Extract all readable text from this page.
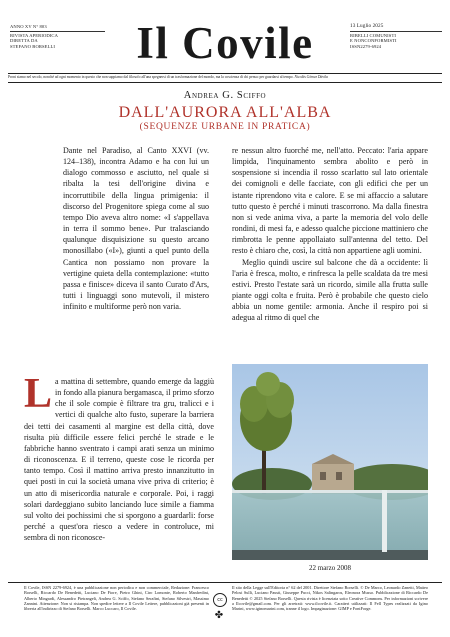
ANNO XV N° 803
RIVISTA APERIODICA
DIRETTA DA
STEFANO BORSELLI	Il Covile	13 Luglio 2025
RIBELLI COMUNISTI
E NONCONFORMISTI
ISSN2279-6924
Proni siamo nel secolo, nonché ad ogni momento in questo che non sappiamo dal filosofo all'una spegnersi di un trasformazione del mondo, ma la coscienza di chi pensa: per guardarsi al tempo. Nicolás Gómez Dávila
Andrea G. Sciffo
DALL'AURORA ALL'ALBA
(SEQUENZE URBANE IN PRATICA)

Dante nel Paradiso, al Canto XXVI (vv. 124–138), incontra Adamo e ha con lui un dialogo commosso e asciutto, nel quale si ribalta la tesi dell'origine divina e incorruttibile della lingua primigenia: il discorso del Progenitore spiega come al suo tempo Dio aveva altro nome: «I s'appellava in terra il sommo bene». Pur tralasciando qualunque disquisizione su questo arcano monosillabo («I»), giunti a quel punto della Cantica non possiamo non provare la vertigine quieta della contemplazione: «tutto passa e finisce» diceva il santo Curato d'Ars, tutti i linguaggi sono mutevoli, il mistero infinito e multiforme però non varia.

L a mattina di settembre, quando emerge da laggiù in fondo alla pianura bergamasca, il primo sforzo che il sole compie è filtrare tra gru, tralicci e i vertici di qualche alto fusto, superare la barriera dei tetti dei casamenti al margine est della città, dove risulta più difficile essere felici perché le strade e le fabbriche hanno sventrato i campi arati senza un minimo di riconoscenza. E il terreno, queste cose le ricorda per tanto tempo. Così il mattino arriva presto innanzitutto in quei posti in cui la società umana vive priva di criterio; è un atto di misericordia naturale e corporale. Poi, i raggi solari dardeggiano subito lanciando luce simile a fiamma sul volto dei pochissimi che si sporgono a guardarli: forse perché a quest'ora riesco a vedere in controluce, mi sembra di non riconosce-

re nessun altro fuorché me, nell'atto. Peccato: l'aria appare limpida, l'inquinamento sembra abolito e però in sospensione si incendia il rosso scarlatto sul lato orientale dei comignoli e delle facciate, con gli edifici che per un istante riprendono vita e calore. E se mi affaccio a salutare tutto questo è perché i minuti trascorrono. Ma dalla finestra non si vede anima viva, a parte la memoria del volo delle rondini, di mesi fa, e adesso qualche piccione mattiniero che rimbrotta le penne appollaiato sull'antenna del tetto. Del resto è chiaro che, così, la città non appartiene agli uomini.

Meglio quindi uscire sul balcone che dà a occidente: lì l'aria è fresca, molto, e rinfresca la pelle scaldata da tre mesi estivi. Presto l'estate sarà un ricordo, simile alla frutta sulle piante oggi colta e fruita. Però è probabile che questo cielo abbia un nome gentile: armonia. Anche il respiro poi si adegua al ritmo di quel che

22 marzo 2008
Il Covile, ISSN 2279-6924, è una pubblicazione non periodica e non commerciale, Redazione: Francesco Borselli, Riccardo De Benedetti, Luciano De Fiore, Pietro Ghini, Ciro Lomonte, Roberto Manfredini, Alberto Mingardi, Alessandro Pietrangeli, Andrea G. Sciffo, Stefano Serafini, Stefano Silvestri, Massimo Zannini. Attenzione: Non si ristampa. Non spedire lettere a Il Covile Lettere, pubblicazioni già presenti in libreria all'indirizzo di Stefano Borselli. Marco Luccaro, Il Covile.
cc
✤
Il sito della Legge sull'Editoria n° 62 del 2001. Direttore Stefano Borselli. © De Marco, Leonardo Zanetti, Matteo Pelosi Sulli, Luciano Pausti, Giuseppe Pucci, Nikos Salingaros, Eleonora Musso. Pubblicazione di Riccardo De Benedetti © 2025 Stefano Borselli. Questa rivista è licenziata sotto Creative Commons. Per informazioni scrivere a Ilcovile@gmail.com. Per gli arretrati: www.ilcovile.it. Caratteri utilizzati: Il Fell Types realizzati da Igino Marini, www.iginomarini.com, tranne il logo. Impaginazione: GIMP e FontForge.
